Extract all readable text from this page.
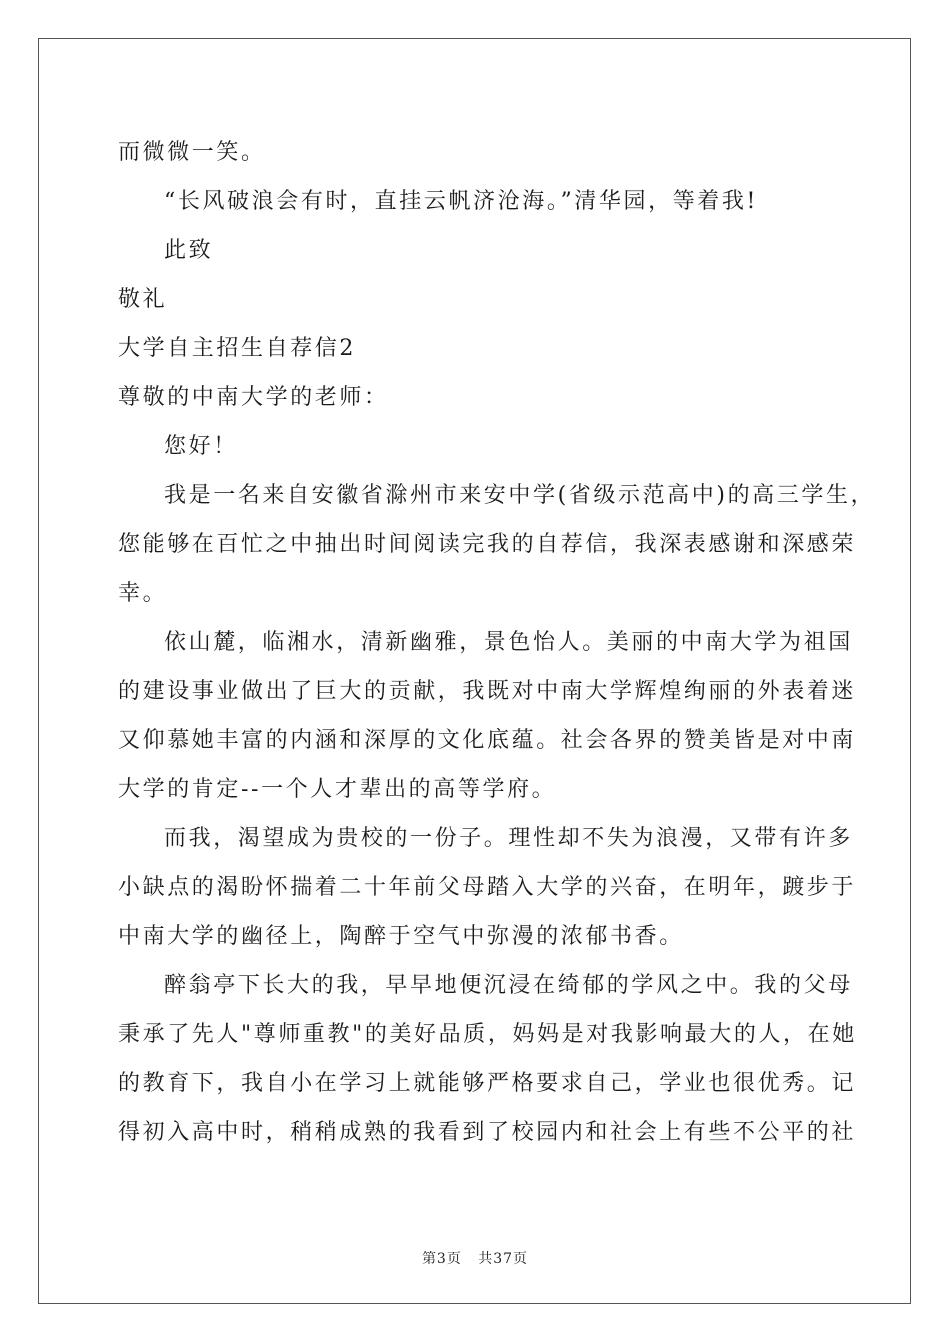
而微微一笑。
“长风破浪会有时，直挂云帆济沧海。”清华园，等着我!
此致
敬礼
大学自主招生自荐信2
尊敬的中南大学的老师：
您好！
我是一名来自安徽省滁州市来安中学(省级示范高中)的高三学生，
您能够在百忙之中抽出时间阅读完我的自荐信，我深表感谢和深感荣
幸。
依山麓，临湘水，清新幽雅，景色怡人。美丽的中南大学为祖国
的建设事业做出了巨大的贡献，我既对中南大学辉煌绚丽的外表着迷
又仰慕她丰富的内涵和深厚的文化底蕴。社会各界的赞美皆是对中南
大学的肯定--一个人才辈出的高等学府。
而我，渴望成为贵校的一份子。理性却不失为浪漫，又带有许多
小缺点的渴盼怀揣着二十年前父母踏入大学的兴奋，在明年，踱步于
中南大学的幽径上，陶醉于空气中弥漫的浓郁书香。
醉翁亭下长大的我，早早地便沉浸在绮郁的学风之中。我的父母
秉承了先人"尊师重教"的美好品质，妈妈是对我影响最大的人，在她
的教育下，我自小在学习上就能够严格要求自己，学业也很优秀。记
得初入高中时，稍稍成熟的我看到了校园内和社会上有些不公平的社
第3页 共37页
